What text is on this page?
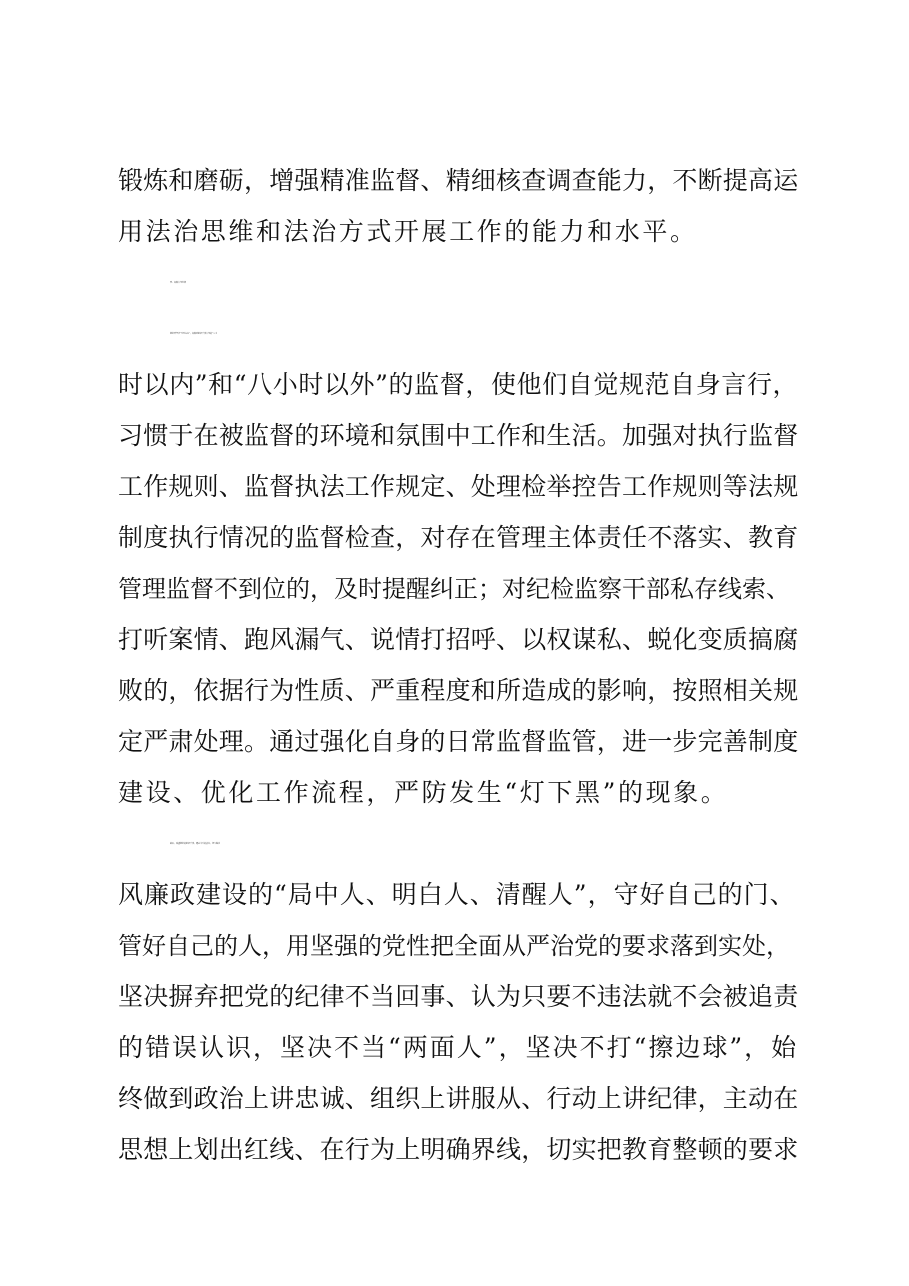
锻炼和磨砺，增强精准监督、精细核查调查能力，不断提高运
用法治思维和法治方式开展工作的能力和水平。
四、加强自身监督
我们要坚持“刀刃向内”，加强对纪检干部自身的“八小
时以内”和“八小时以外”的监督，使他们自觉规范自身言行，
习惯于在被监督的环境和氛围中工作和生活。加强对执行监督
工作规则、监督执法工作规定、处理检举控告工作规则等法规
制度执行情况的监督检查，对存在管理主体责任不落实、教育
管理监督不到位的，及时提醒纠正；对纪检监察干部私存线索、
打听案情、跑风漏气、说情打招呼、以权谋私、蜕化变质搞腐
败的，依据行为性质、严重程度和所造成的影响，按照相关规
定严肃处理。通过强化自身的日常监督监管，进一步完善制度
建设、优化工作流程，严防发生“灯下黑”的现象。
最后，希望我们的纪检干部，通过今天的会议，切实做党
风廉政建设的“局中人、明白人、清醒人”，守好自己的门、
管好自己的人，用坚强的党性把全面从严治党的要求落到实处，
坚决摒弃把党的纪律不当回事、认为只要不违法就不会被追责
的错误认识，坚决不当“两面人”，坚决不打“擦边球”，始
终做到政治上讲忠诚、组织上讲服从、行动上讲纪律，主动在
思想上划出红线、在行为上明确界线，切实把教育整顿的要求
